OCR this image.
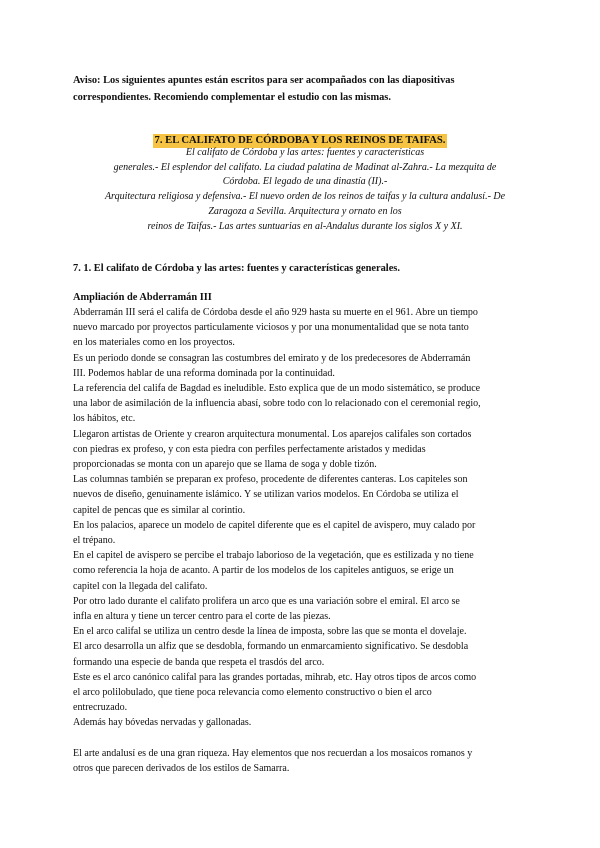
Aviso: Los siguientes apuntes están escritos para ser acompañados con las diapositivas correspondientes. Recomiendo complementar el estudio con las mismas.
7. EL CALIFATO DE CÓRDOBA Y LOS REINOS DE TAIFAS.
El califato de Córdoba y las artes: fuentes y características
generales.- El esplendor del califato. La ciudad palatina de Madinat al-Zahra.- La mezquita de
Córdoba. El legado de una dinastía (II).-
Arquitectura religiosa y defensiva.- El nuevo orden de los reinos de taifas y la cultura andalusí.- De
Zaragoza a Sevilla. Arquitectura y ornato en los
reinos de Taifas.- Las artes suntuarias en al-Andalus durante los siglos X y XI.
7. 1. El califato de Córdoba y las artes: fuentes y características generales.
Ampliación de Abderramán III
Abderramán III será el califa de Córdoba desde el año 929 hasta su muerte en el 961. Abre un tiempo
nuevo marcado por proyectos particulamente viciosos y por una monumentalidad que se nota tanto
en los materiales como en los proyectos.
Es un periodo donde se consagran las costumbres del emirato y de los predecesores de Abderramán
III. Podemos hablar de una reforma dominada por la continuidad.
La referencia del califa de Bagdad es ineludible. Esto explica que de un modo sistemático, se produce
una labor de asimilación de la influencia abasí, sobre todo con lo relacionado con el ceremonial regio,
los hábitos, etc.
Llegaron artistas de Oriente y crearon arquitectura monumental. Los aparejos califales son cortados
con piedras ex profeso, y con esta piedra con perfiles perfectamente aristados y medidas
proporcionadas se monta con un aparejo que se llama de soga y doble tizón.
Las columnas también se preparan ex profeso, procedente de diferentes canteras. Los capiteles son
nuevos de diseño, genuinamente islámico. Y se utilizan varios modelos. En Córdoba se utiliza el
capitel de pencas que es similar al corintio.
En los palacios, aparece un modelo de capitel diferente que es el capitel de avispero, muy calado por
el trépano.
En el capitel de avispero se percibe el trabajo laborioso de la vegetación, que es estilizada y no tiene
como referencia la hoja de acanto. A partir de los modelos de los capiteles antiguos, se erige un
capitel con la llegada del califato.
Por otro lado durante el califato prolifera un arco que es una variación sobre el emiral. El arco se
infla en altura y tiene un tercer centro para el corte de las piezas.
En el arco califal se utiliza un centro desde la línea de imposta, sobre las que se monta el dovelaje.
El arco desarrolla un alfiz que se desdobla, formando un enmarcamiento significativo. Se desdobla
formando una especie de banda que respeta el trasdós del arco.
Este es el arco canónico califal para las grandes portadas, mihrab, etc. Hay otros tipos de arcos como
el arco polilobulado, que tiene poca relevancia como elemento constructivo o bien el arco
entrecruzado.
Además hay bóvedas nervadas y gallonadas.
El arte andalusí es de una gran riqueza. Hay elementos que nos recuerdan a los mosaicos romanos y
otros que parecen derivados de los estilos de Samarra.
